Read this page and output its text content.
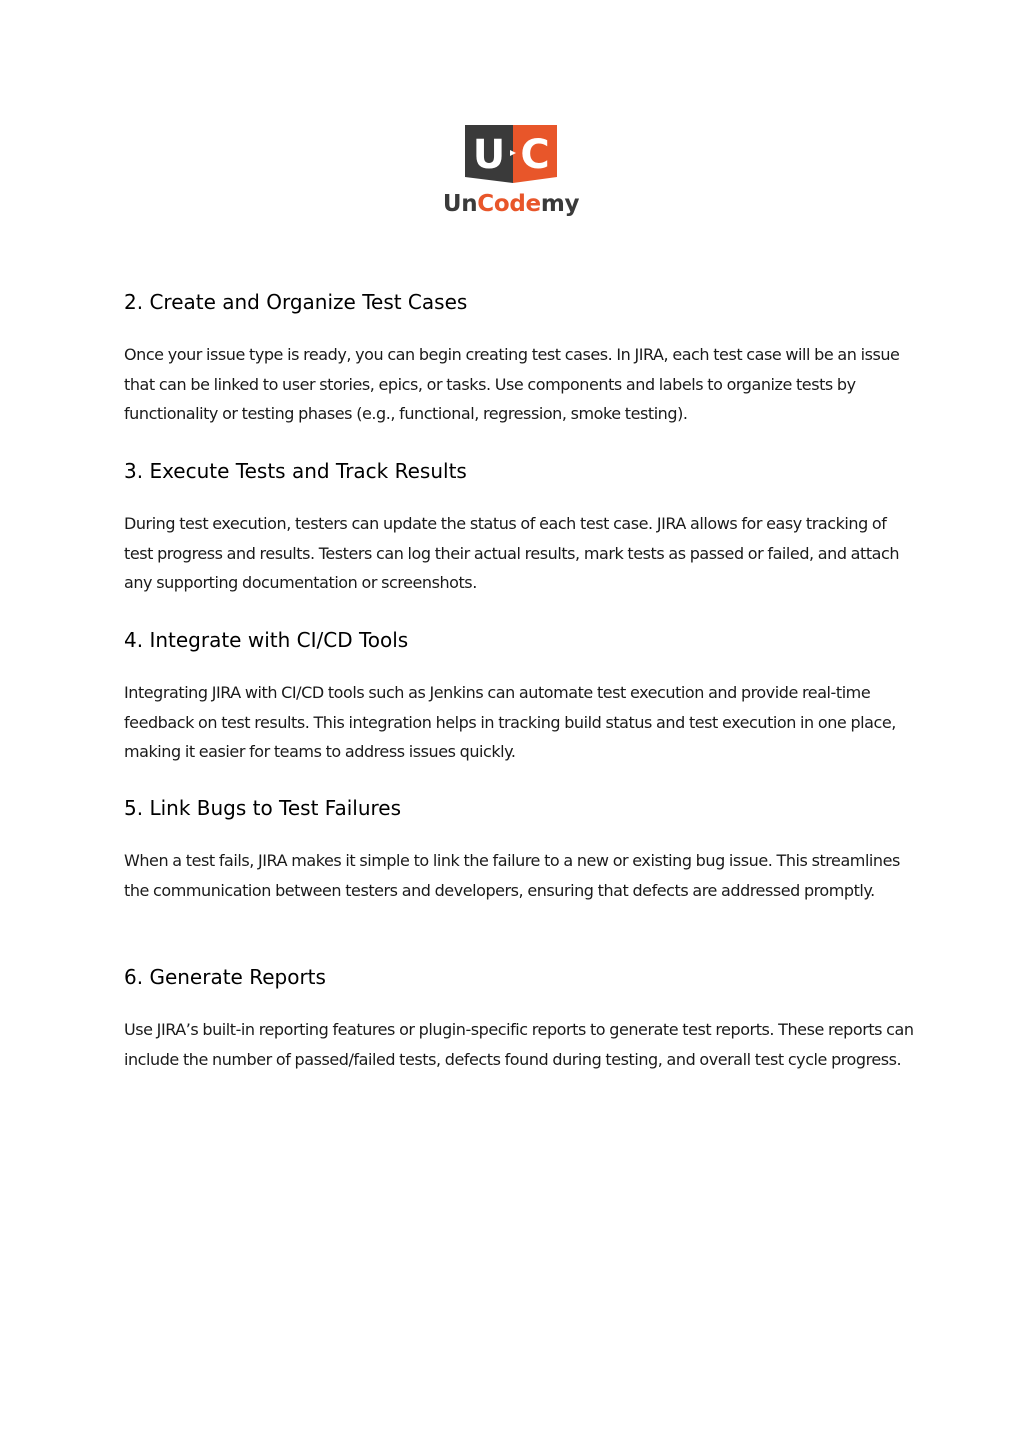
U C
UnCodemy
2. Create and Organize Test Cases

Once your issue type is ready, you can begin creating test cases. In JIRA, each test case will be an issue that can be linked to user stories, epics, or tasks. Use components and labels to organize tests by functionality or testing phases (e.g., functional, regression, smoke testing).

3. Execute Tests and Track Results

During test execution, testers can update the status of each test case. JIRA allows for easy tracking of test progress and results. Testers can log their actual results, mark tests as passed or failed, and attach any supporting documentation or screenshots.

4. Integrate with CI/CD Tools

Integrating JIRA with CI/CD tools such as Jenkins can automate test execution and provide real-time feedback on test results. This integration helps in tracking build status and test execution in one place, making it easier for teams to address issues quickly.

5. Link Bugs to Test Failures

When a test fails, JIRA makes it simple to link the failure to a new or existing bug issue. This streamlines the communication between testers and developers, ensuring that defects are addressed promptly.

6. Generate Reports

Use JIRA’s built-in reporting features or plugin-specific reports to generate test reports. These reports can include the number of passed/failed tests, defects found during testing, and overall test cycle progress.
